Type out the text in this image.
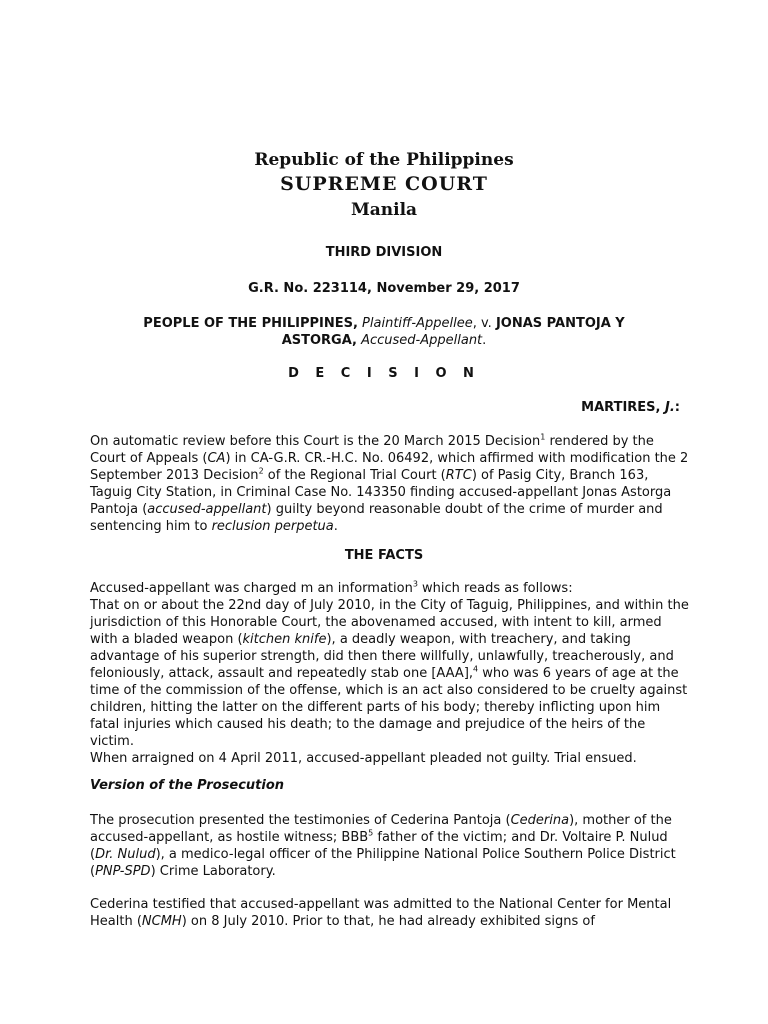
Republic of the Philippines
SUPREME COURT
Manila
THIRD DIVISION
G.R. No. 223114, November 29, 2017
PEOPLE OF THE PHILIPPINES, Plaintiff-Appellee, v. JONAS PANTOJA Y ASTORGA, Accused-Appellant.
D E C I S I O N
MARTIRES, J.:

On automatic review before this Court is the 20 March 2015 Decision$^1$ rendered by the Court of Appeals (CA) in CA-G.R. CR.-H.C. No. 06492, which affirmed with modification the 2 September 2013 Decision$^2$ of the Regional Trial Court (RTC) of Pasig City, Branch 163, Taguig City Station, in Criminal Case No. 143350 finding accused-appellant Jonas Astorga Pantoja (accused-appellant) guilty beyond reasonable doubt of the crime of murder and sentencing him to reclusion perpetua.

THE FACTS

Accused-appellant was charged m an information$^3$ which reads as follows:
That on or about the 22nd day of July 2010, in the City of Taguig, Philippines, and within the jurisdiction of this Honorable Court, the abovenamed accused, with intent to kill, armed with a bladed weapon (kitchen knife), a deadly weapon, with treachery, and taking advantage of his superior strength, did then there willfully, unlawfully, treacherously, and feloniously, attack, assault and repeatedly stab one [AAA],$^4$ who was 6 years of age at the time of the commission of the offense, which is an act also considered to be cruelty against children, hitting the latter on the different parts of his body; thereby inflicting upon him fatal injuries which caused his death; to the damage and prejudice of the heirs of the victim.
When arraigned on 4 April 2011, accused-appellant pleaded not guilty. Trial ensued.

Version of the Prosecution

The prosecution presented the testimonies of Cederina Pantoja (Cederina), mother of the accused-appellant, as hostile witness; BBB$^5$ father of the victim; and Dr. Voltaire P. Nulud (Dr. Nulud), a medico-legal officer of the Philippine National Police Southern Police District (PNP-SPD) Crime Laboratory.

Cederina testified that accused-appellant was admitted to the National Center for Mental Health (NCMH) on 8 July 2010. Prior to that, he had already exhibited signs of
